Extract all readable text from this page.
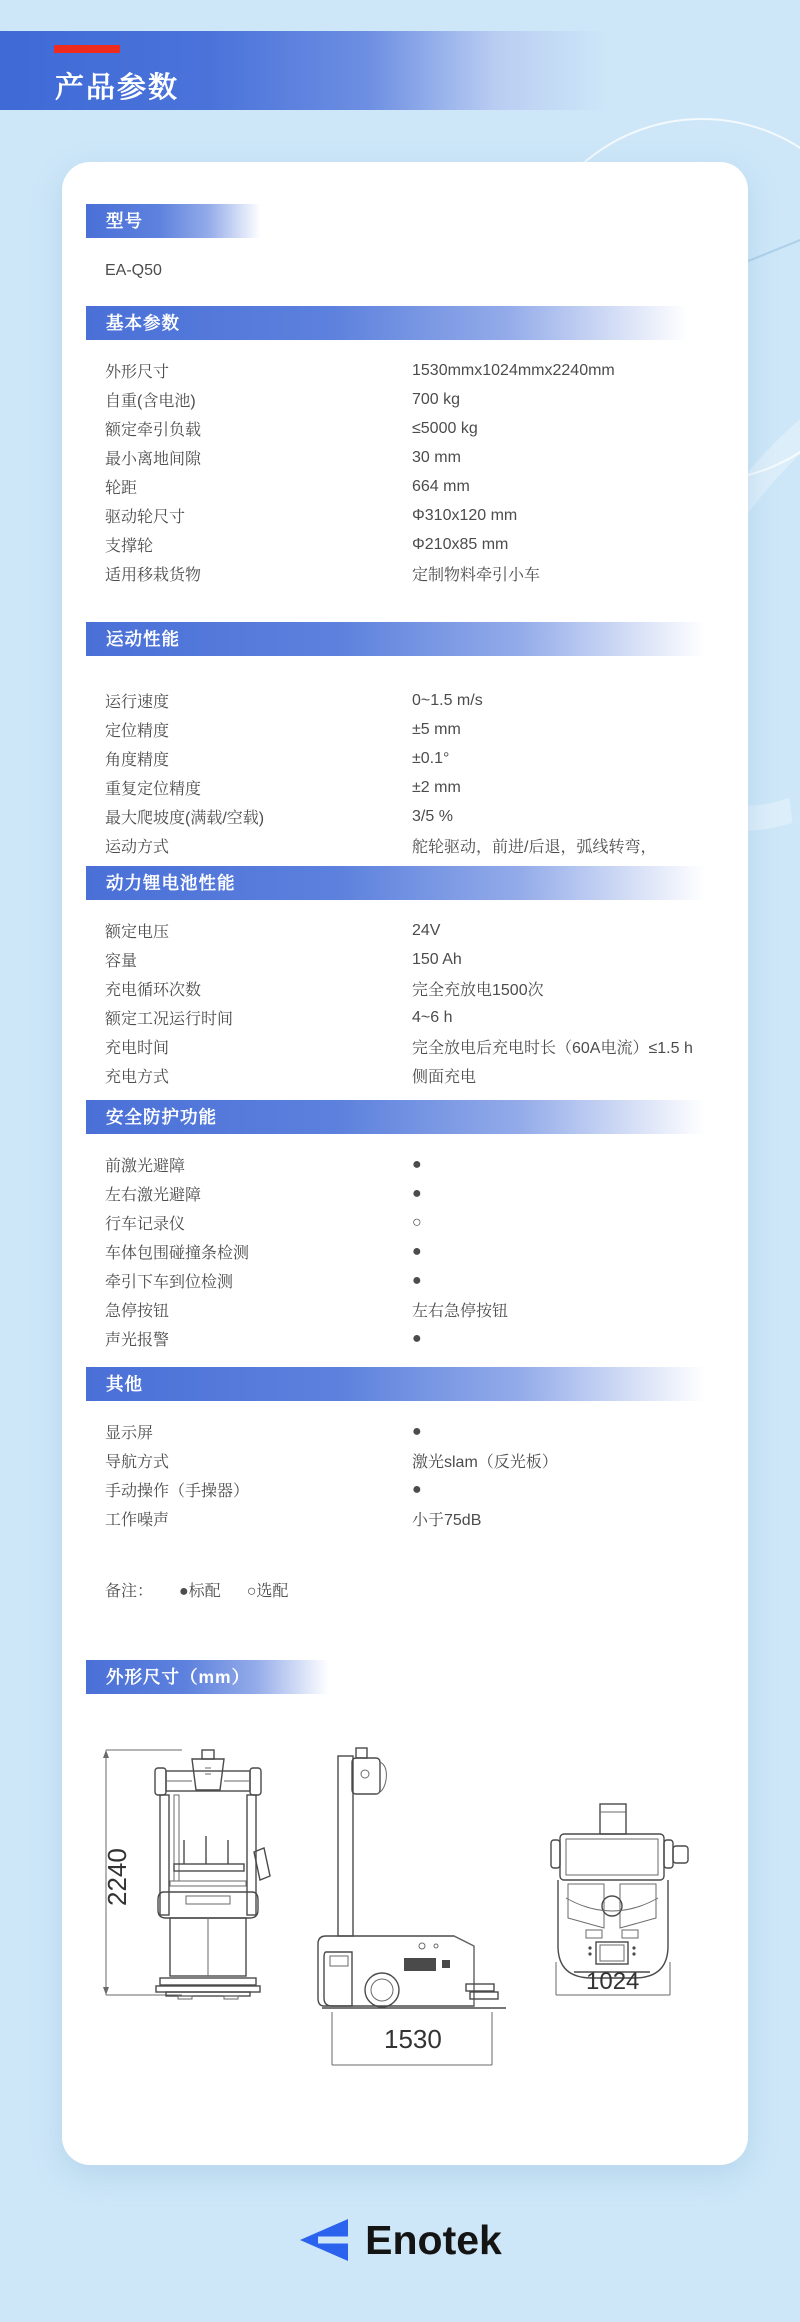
产品参数
型号
EA-Q50
基本参数
外形尺寸	1530mmx1024mmx2240mm
自重(含电池)	700 kg
额定牵引负载	≤5000 kg
最小离地间隙	30 mm
轮距	664 mm
驱动轮尺寸	Φ310x120 mm
支撑轮	Φ210x85 mm
适用移栽货物	定制物料牵引小车
运动性能
运行速度	0~1.5 m/s
定位精度	±5 mm
角度精度	±0.1°
重复定位精度	±2 mm
最大爬坡度(满载/空载)	3/5 %
运动方式	舵轮驱动，前进/后退，弧线转弯，
动力锂电池性能
额定电压	24V
容量	150 Ah
充电循环次数	完全充放电1500次
额定工况运行时间	4~6 h
充电时间	完全放电后充电时长（60A电流）≤1.5 h
充电方式	侧面充电
安全防护功能
前激光避障	●
左右激光避障	●
行车记录仪	○
车体包围碰撞条检测	●
牵引下车到位检测	●
急停按钮	左右急停按钮
声光报警	●
其他
显示屏	●
导航方式	激光slam（反光板）
手动操作（手操器）	●
工作噪声	小于75dB
备注： ●标配 ○选配
外形尺寸（mm）
2240
1530
1024
Enotek
